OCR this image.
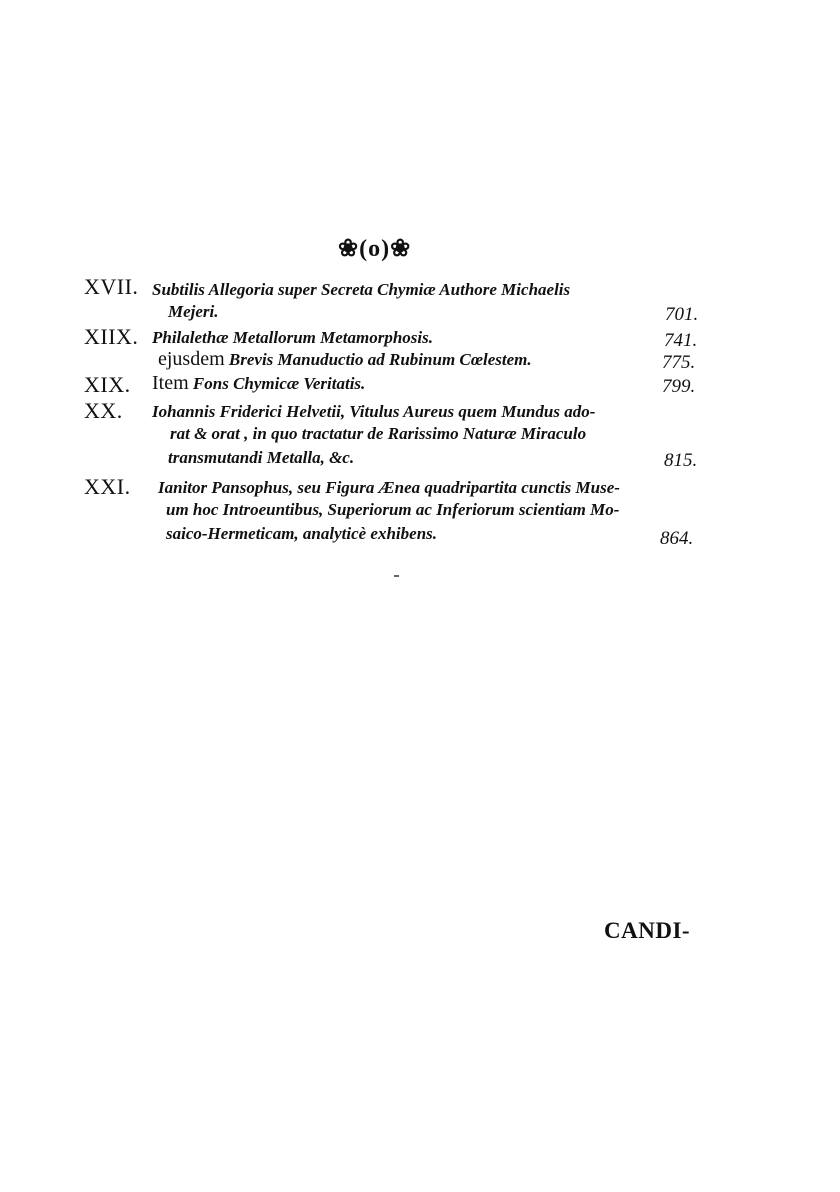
❀(o)❀
XVII. Subtilis Allegoria super Secreta Chymiæ Authore Michaelis
Mejeri.	701.
XIIX. Philalethæ Metallorum Metamorphosis.	741.
ejusdem Brevis Manuductio ad Rubinum Cœlestem.	775.
XIX. Item Fons Chymicæ Veritatis.	799.
XX. Iohannis Friderici Helvetii, Vitulus Aureus quem Mundus ado-
rat & orat , in quo tractatur de Rarissimo Naturæ Miraculo
transmutandi Metalla, &c.	815.
XXI. Ianitor Pansophus, seu Figura Ænea quadripartita cunctis Muse-
um hoc Introeuntibus, Superiorum ac Inferiorum scientiam Mo-
saico-Hermeticam, analyticè exhibens.	864.
CANDI-
